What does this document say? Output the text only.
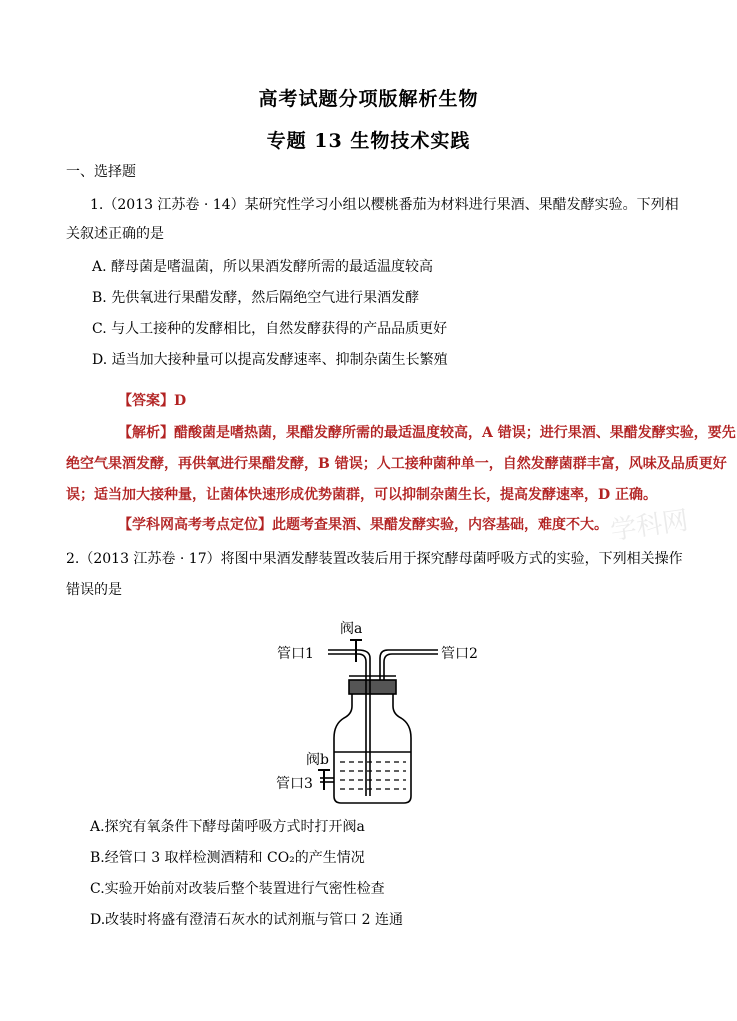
学科网
高考试题分项版解析生物
专题 13 生物技术实践
一、选择题
1.（2013 江苏卷 · 14）某研究性学习小组以樱桃番茄为材料进行果酒、果醋发酵实验。下列相
关叙述正确的是
A. 酵母菌是嗜温菌，所以果酒发酵所需的最适温度较高
B. 先供氧进行果醋发酵，然后隔绝空气进行果酒发酵
C. 与人工接种的发酵相比，自然发酵获得的产品品质更好
D. 适当加大接种量可以提高发酵速率、抑制杂菌生长繁殖
【答案】D
【解析】醋酸菌是嗜热菌，果醋发酵所需的最适温度较高，A 错误；进行果酒、果醋发酵实验，要先
绝空气果酒发酵，再供氧进行果醋发酵，B 错误；人工接种菌种单一，自然发酵菌群丰富，风味及品质更好
误；适当加大接种量，让菌体快速形成优势菌群，可以抑制杂菌生长，提高发酵速率，D 正确。
【学科网高考考点定位】此题考查果酒、果醋发酵实验，内容基础，难度不大。
2.（2013 江苏卷 · 17）将图中果酒发酵装置改装后用于探究酵母菌呼吸方式的实验，下列相关操作
错误的是
阀a
管口1	管口2
阀b
管口3
A.探究有氧条件下酵母菌呼吸方式时打开阀a
B.经管口 3 取样检测酒精和 CO₂的产生情况
C.实验开始前对改装后整个装置进行气密性检查
D.改装时将盛有澄清石灰水的试剂瓶与管口 2 连通
